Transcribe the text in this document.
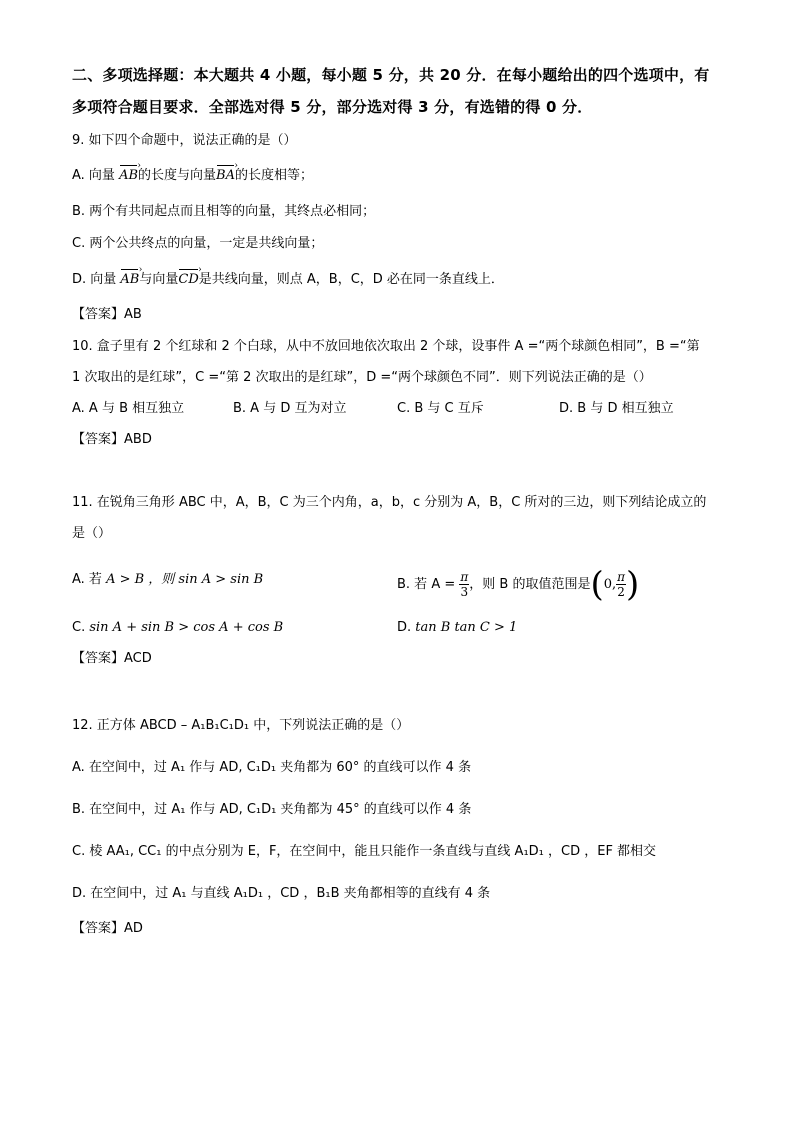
二、多项选择题：本大题共 4 小题，每小题 5 分，共 20 分．在每小题给出的四个选项中，有
多项符合题目要求．全部选对得 5 分，部分选对得 3 分，有选错的得 0 分．
9. 如下四个命题中，说法正确的是（）
A. 向量 AB ›的长度与向量BA ›的长度相等；
B. 两个有共同起点而且相等的向量，其终点必相同；
C. 两个公共终点的向量，一定是共线向量；
D. 向量 AB ›与向量CD ›是共线向量，则点 A，B，C，D 必在同一条直线上．
【答案】AB
10. 盒子里有 2 个红球和 2 个白球，从中不放回地依次取出 2 个球，设事件 A =“两个球颜色相同”，B =“第
1 次取出的是红球”，C =“第 2 次取出的是红球”，D =“两个球颜色不同”．则下列说法正确的是（）
A. A 与 B 相互独立	B. A 与 D 互为对立	C. B 与 C 互斥	D. B 与 D 相互独立
【答案】ABD
11. 在锐角三角形 ABC 中，A，B，C 为三个内角，a，b，c 分别为 A，B，C 所对的三边，则下列结论成立的
是（）
A. 若 A > B ，则 sin A > sin B	B. 若 $A = \frac{\pi}{3}$ ，则 B 的取值范围是(0, $\frac{\pi}{2}$ )
C. sin A + sin B > cos A + cos B	D. tan B tan C > 1
【答案】ACD
12. 正方体 ABCD – A₁B₁C₁D₁ 中，下列说法正确的是（）
A. 在空间中，过 A₁ 作与 AD, C₁D₁ 夹角都为 60° 的直线可以作 4 条
B. 在空间中，过 A₁ 作与 AD, C₁D₁ 夹角都为 45° 的直线可以作 4 条
C. 棱 AA₁, CC₁ 的中点分别为 E，F，在空间中，能且只能作一条直线与直线 A₁D₁ ，CD ，EF 都相交
D. 在空间中，过 A₁ 与直线 A₁D₁ ，CD ，B₁B 夹角都相等的直线有 4 条
【答案】AD
